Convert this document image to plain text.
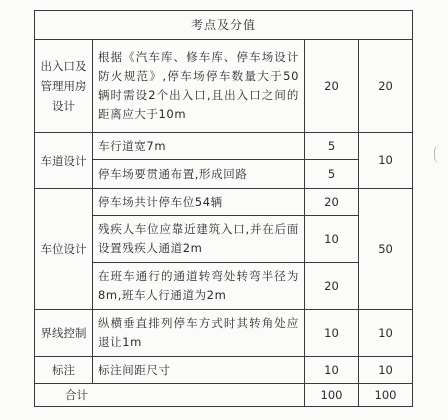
考点及分值			
出入口及管理用房设计	根据《汽车库、修车库、停车场设计防火规范》,停车场停车数量大于50辆时需设2个出入口,且出入口之间的距离应大于10m	20	20
车道设计	车行道宽7m	5	10
	停车场要贯通布置,形成回路	5	
车位设计	停车场共计停车位54辆	20	50
	残疾人车位应靠近建筑入口,并在后面设置残疾人通道2m	10	
	在班车通行的通道转弯处转弯半径为8m,班车人行通道为2m	20	
界线控制	纵横垂直排列停车方式时其转角处应退让1m	10	10
标注	标注间距尺寸	10	10
合计		100	100
